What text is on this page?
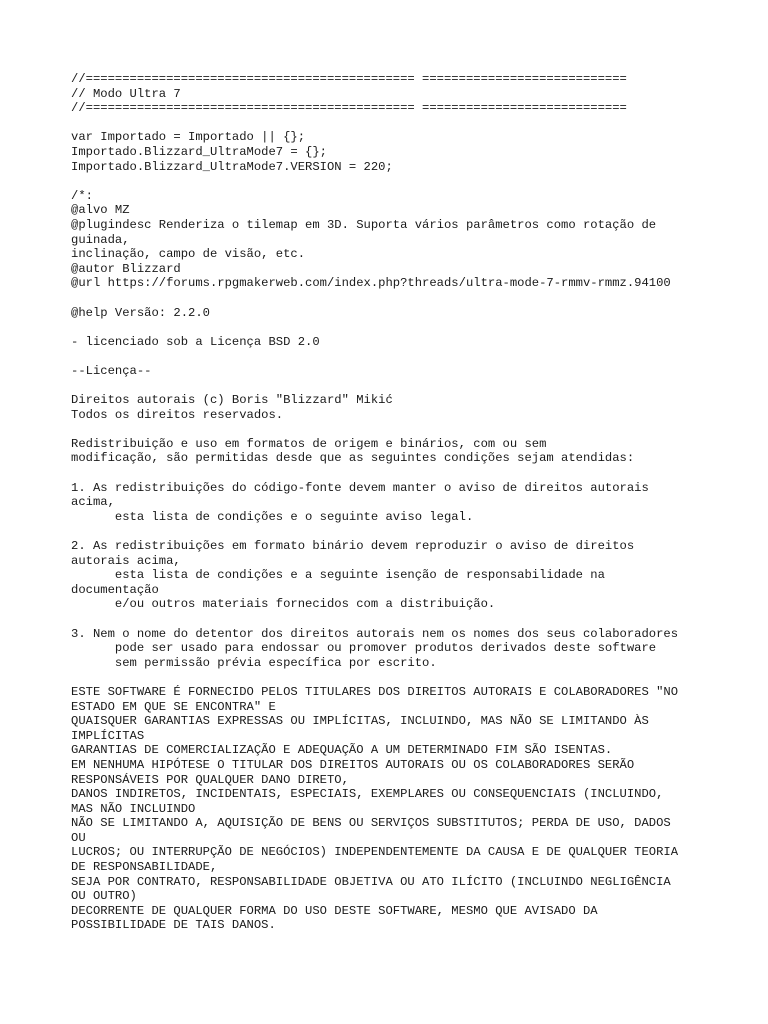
//============================================= ============================
// Modo Ultra 7
//============================================= ============================
var Importado = Importado || {};
Importado.Blizzard_UltraMode7 = {};
Importado.Blizzard_UltraMode7.VERSION = 220;
/*:
@alvo MZ
@plugindesc Renderiza o tilemap em 3D. Suporta vários parâmetros como rotação de
guinada,
inclinação, campo de visão, etc.
@autor Blizzard
@url https://forums.rpgmakerweb.com/index.php?threads/ultra-mode-7-rmmv-rmmz.94100
@help Versão: 2.2.0
- licenciado sob a Licença BSD 2.0
--Licença--
Direitos autorais (c) Boris "Blizzard" Mikić
Todos os direitos reservados.
Redistribuição e uso em formatos de origem e binários, com ou sem
modificação, são permitidas desde que as seguintes condições sejam atendidas:
1. As redistribuições do código-fonte devem manter o aviso de direitos autorais
acima,
esta lista de condições e o seguinte aviso legal.
2. As redistribuições em formato binário devem reproduzir o aviso de direitos
autorais acima,
esta lista de condições e a seguinte isenção de responsabilidade na
documentação
e/ou outros materiais fornecidos com a distribuição.
3. Nem o nome do detentor dos direitos autorais nem os nomes dos seus colaboradores
pode ser usado para endossar ou promover produtos derivados deste software
sem permissão prévia específica por escrito.
ESTE SOFTWARE É FORNECIDO PELOS TITULARES DOS DIREITOS AUTORAIS E COLABORADORES "NO
ESTADO EM QUE SE ENCONTRA" E
QUAISQUER GARANTIAS EXPRESSAS OU IMPLÍCITAS, INCLUINDO, MAS NÃO SE LIMITANDO ÀS
IMPLÍCITAS
GARANTIAS DE COMERCIALIZAÇÃO E ADEQUAÇÃO A UM DETERMINADO FIM SÃO ISENTAS.
EM NENHUMA HIPÓTESE O TITULAR DOS DIREITOS AUTORAIS OU OS COLABORADORES SERÃO
RESPONSÁVEIS POR QUALQUER DANO DIRETO,
DANOS INDIRETOS, INCIDENTAIS, ESPECIAIS, EXEMPLARES OU CONSEQUENCIAIS (INCLUINDO,
MAS NÃO INCLUINDO
NÃO SE LIMITANDO A, AQUISIÇÃO DE BENS OU SERVIÇOS SUBSTITUTOS; PERDA DE USO, DADOS
OU
LUCROS; OU INTERRUPÇÃO DE NEGÓCIOS) INDEPENDENTEMENTE DA CAUSA E DE QUALQUER TEORIA
DE RESPONSABILIDADE,
SEJA POR CONTRATO, RESPONSABILIDADE OBJETIVA OU ATO ILÍCITO (INCLUINDO NEGLIGÊNCIA
OU OUTRO)
DECORRENTE DE QUALQUER FORMA DO USO DESTE SOFTWARE, MESMO QUE AVISADO DA
POSSIBILIDADE DE TAIS DANOS.
